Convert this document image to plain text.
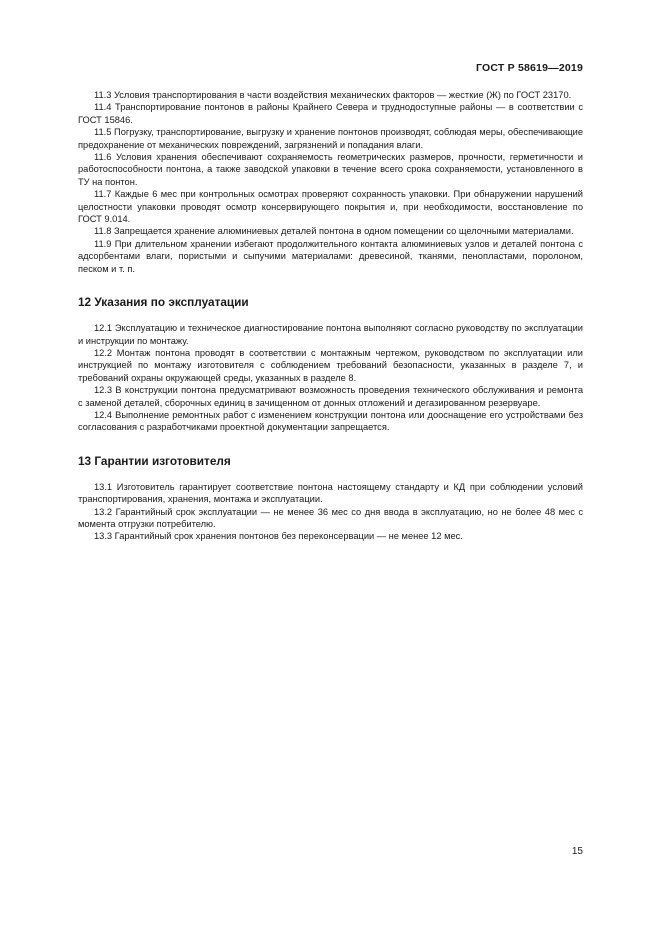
ГОСТ Р 58619—2019

11.3 Условия транспортирования в части воздействия механических факторов — жесткие (Ж) по ГОСТ 23170.

11.4 Транспортирование понтонов в районы Крайнего Севера и труднодоступные районы — в соответствии с ГОСТ 15846.

11.5 Погрузку, транспортирование, выгрузку и хранение понтонов производят, соблюдая меры, обеспечивающие предохранение от механических повреждений, загрязнений и попадания влаги.

11.6 Условия хранения обеспечивают сохраняемость геометрических размеров, прочности, герметичности и работоспособности понтона, а также заводской упаковки в течение всего срока сохраняемости, установленного в ТУ на понтон.

11.7 Каждые 6 мес при контрольных осмотрах проверяют сохранность упаковки. При обнаружении нарушений целостности упаковки проводят осмотр консервирующего покрытия и, при необходимости, восстановление по ГОСТ 9.014.

11.8 Запрещается хранение алюминиевых деталей понтона в одном помещении со щелочными материалами.

11.9 При длительном хранении избегают продолжительного контакта алюминиевых узлов и деталей понтона с адсорбентами влаги, пористыми и сыпучими материалами: древесиной, тканями, пенопластами, поролоном, песком и т. п.

12 Указания по эксплуатации

12.1 Эксплуатацию и техническое диагностирование понтона выполняют согласно руководству по эксплуатации и инструкции по монтажу.

12.2 Монтаж понтона проводят в соответствии с монтажным чертежом, руководством по эксплуатации или инструкцией по монтажу изготовителя с соблюдением требований безопасности, указанных в разделе 7, и требований охраны окружающей среды, указанных в разделе 8.

12.3 В конструкции понтона предусматривают возможность проведения технического обслуживания и ремонта с заменой деталей, сборочных единиц в зачищенном от донных отложений и дегазированном резервуаре.

12.4 Выполнение ремонтных работ с изменением конструкции понтона или дооснащение его устройствами без согласования с разработчиками проектной документации запрещается.

13 Гарантии изготовителя

13.1 Изготовитель гарантирует соответствие понтона настоящему стандарту и КД при соблюдении условий транспортирования, хранения, монтажа и эксплуатации.

13.2 Гарантийный срок эксплуатации — не менее 36 мес со дня ввода в эксплуатацию, но не более 48 мес с момента отгрузки потребителю.

13.3 Гарантийный срок хранения понтонов без переконсервации — не менее 12 мес.

15
